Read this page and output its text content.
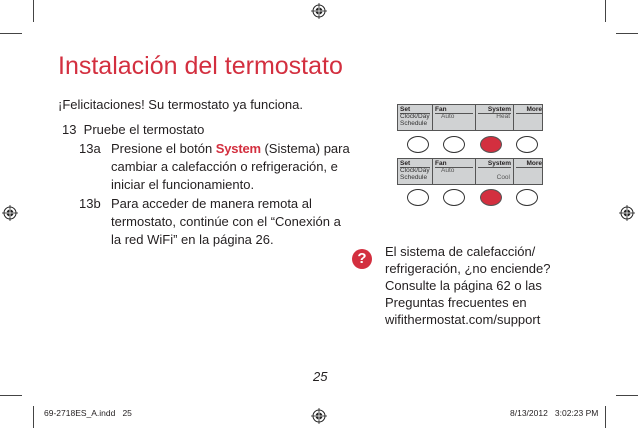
Instalación del termostato
¡Felicitaciones! Su termostato ya funciona.
13  Pruebe el termostato
13a Presione el botón System (Sistema) para
cambiar a calefacción o refrigeración, e
iniciar el funcionamiento.
13b Para acceder de manera remota al
termostato, continúe con el “Conexión a
la red WiFi” en la página 26.
Set
Clock/Day
Schedule
Fan
Auto
System
Heat
More
Set
Clock/Day
Schedule
Fan
Auto
System
Cool
More
?	El sistema de calefacción/
refrigeración, ¿no enciende?
Consulte la página 62 o las
Preguntas frecuentes en
wifithermostat.com/support
25
69-2718ES_A.indd   25	8/13/2012   3:02:23 PM
